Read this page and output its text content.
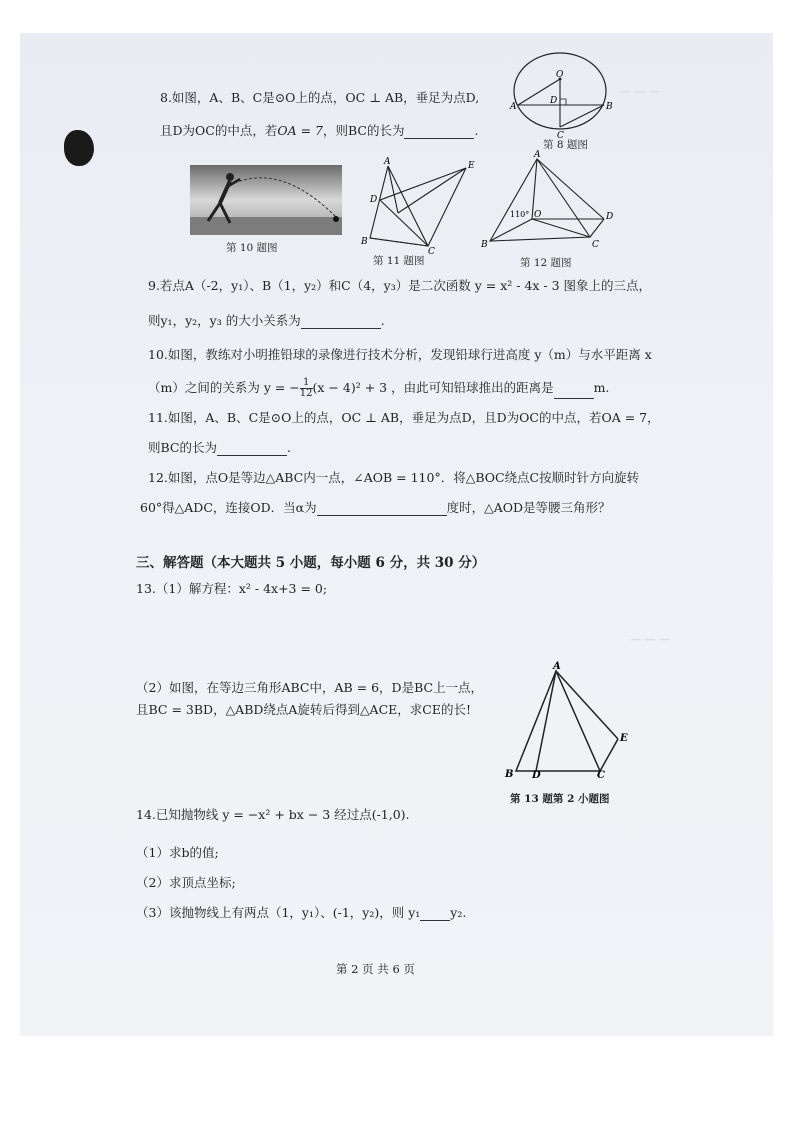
— — —
— — —
8.如图，A、B、C是⊙O上的点，OC ⊥ AB，垂足为点D,
且D为OC的中点，若OA = 7，则BC的长为	.
O
A	B
C
D
第 8 题图
第 10 题图
A
B
C
D
E
第 11 题图
A
B	C
D
O
110°
第 12 题图
9.若点A（-2，y₁）、B（1，y₂）和C（4，y₃）是二次函数 y = x² - 4x - 3 图象上的三点，
则y₁，y₂，y₃ 的大小关系为	.
10.如图，教练对小明推铅球的录像进行技术分析，发现铅球行进高度 y（m）与水平距离 x
（m）之间的关系为 y = − $\frac{1}{12} (x - 4)^2 + 3$ ，由此可知铅球推出的距离是	m.
11.如图，A、B、C是⊙O上的点，OC ⊥ AB，垂足为点D，且D为OC的中点，若OA = 7，
则BC的长为	.
12.如图，点O是等边△ABC内一点，∠AOB = 110°．将△BOC绕点C按顺时针方向旋转
60°得△ADC，连接OD．当α为	度时，△AOD是等腰三角形？
三、解答题（本大题共 5 小题，每小题 6 分，共 30 分）
13.（1）解方程：x² - 4x+3 = 0;
（2）如图，在等边三角形ABC中，AB = 6，D是BC上一点，
且BC = 3BD，△ABD绕点A旋转后得到△ACE，求CE的长!
A
B D	C
E
第 13 题第 2 小题图
14.已知抛物线 y = −x² + bx − 3 经过点(-1,0).
（1）求b的值;
（2）求顶点坐标;
（3）该抛物线上有两点（1，y₁）、(-1，y₂)，则 y₁ y₂.
第 2 页 共 6 页
